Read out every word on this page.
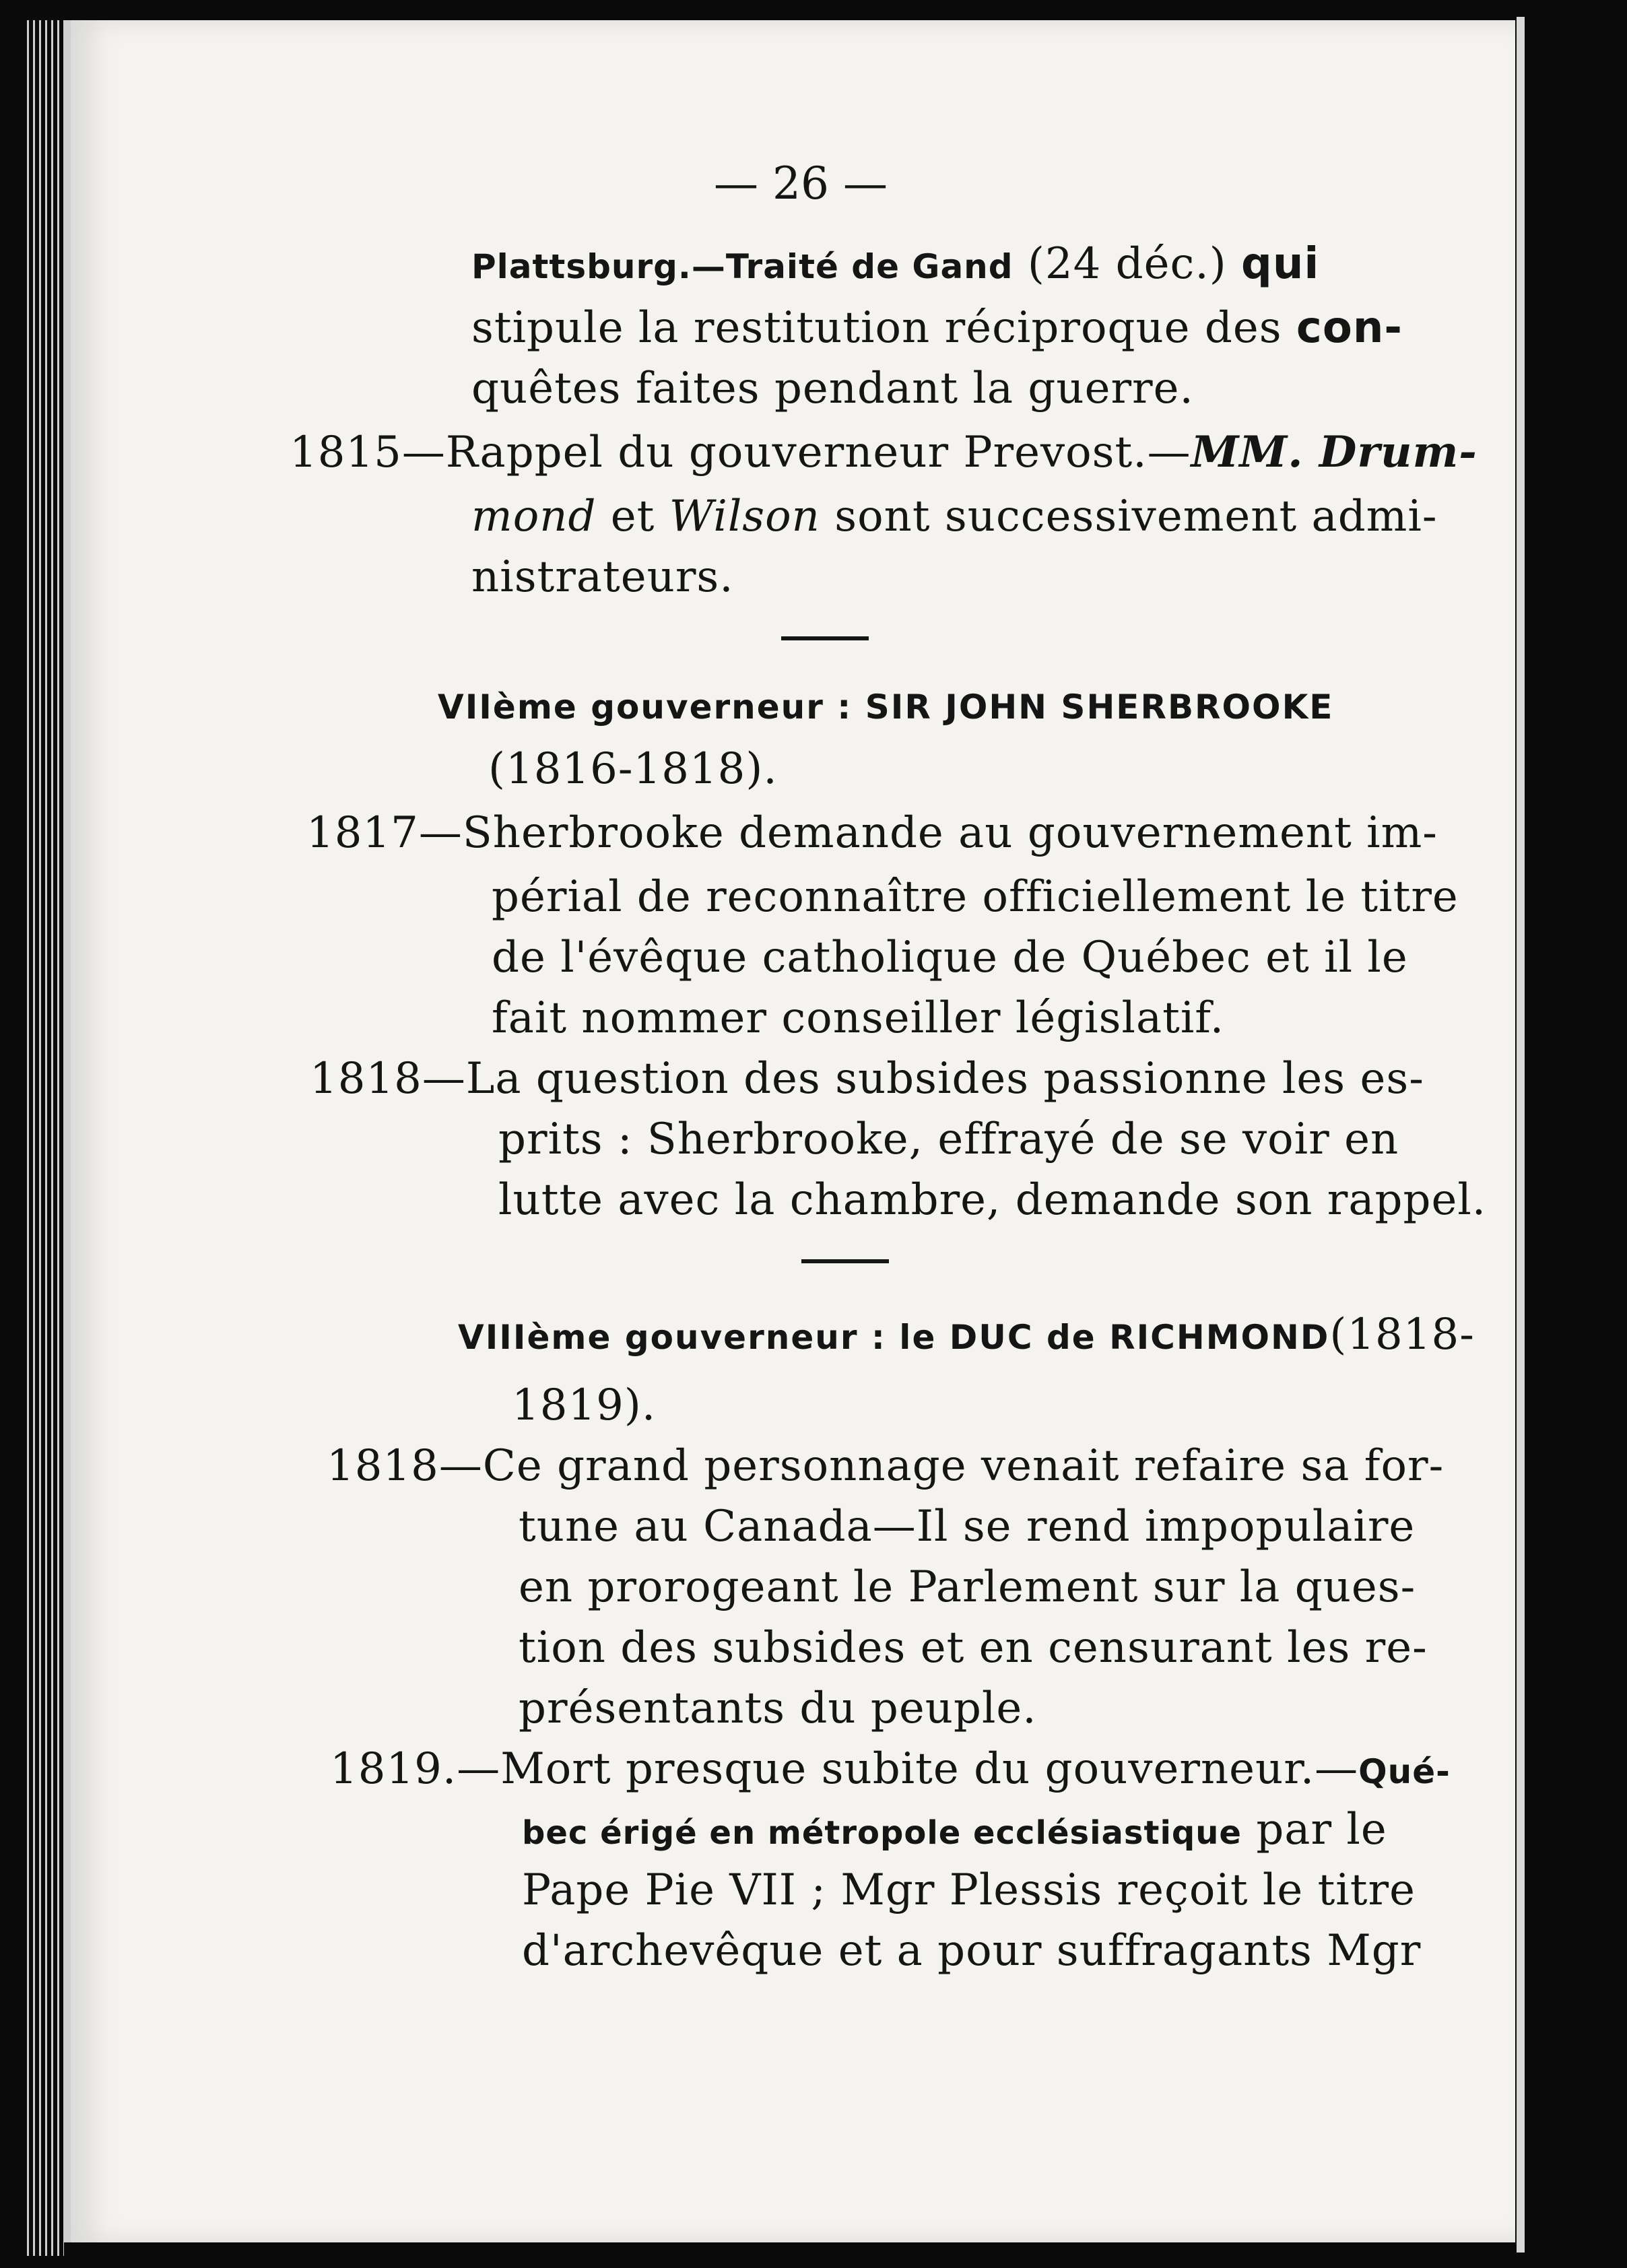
— 26 —
Plattsburg.—Traité de Gand (24 déc.) qui
stipule la restitution réciproque des con-
quêtes faites pendant la guerre.
1815—Rappel du gouverneur Prevost.—MM. Drum-
mond et Wilson sont successivement admi-
nistrateurs.
VIIème gouverneur : SIR JOHN SHERBROOKE
(1816-1818).
1817—Sherbrooke demande au gouvernement im-
périal de reconnaître officiellement le titre
de l'évêque catholique de Québec et il le
fait nommer conseiller législatif.
1818—La question des subsides passionne les es-
prits : Sherbrooke, effrayé de se voir en
lutte avec la chambre, demande son rappel.
VIIIème gouverneur : le DUC de RICHMOND(1818-
1819).
1818—Ce grand personnage venait refaire sa for-
tune au Canada—Il se rend impopulaire
en prorogeant le Parlement sur la ques-
tion des subsides et en censurant les re-
présentants du peuple.
1819.—Mort presque subite du gouverneur.—Qué-
bec érigé en métropole ecclésiastique par le
Pape Pie VII ; Mgr Plessis reçoit le titre
d'archevêque et a pour suffragants Mgr
